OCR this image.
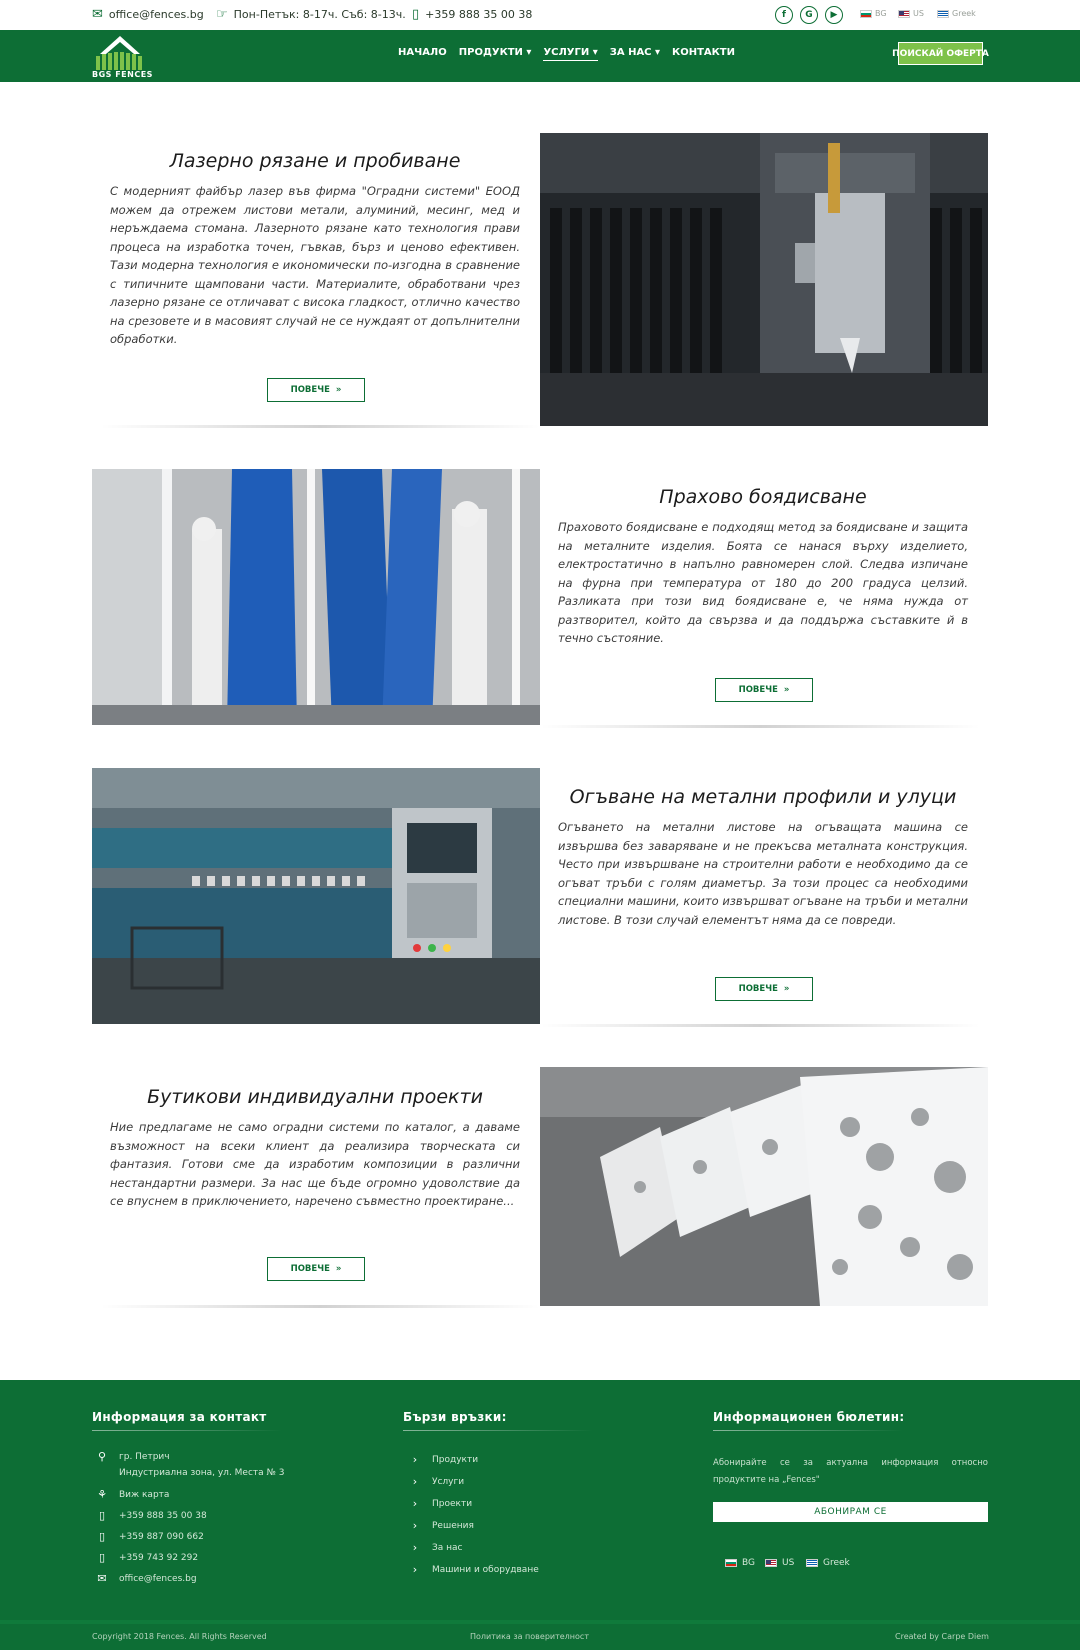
✉ office@fences.bg ☞ Пон-Петък: 8-17ч. Съб: 8-13ч. ▯ +359 888 35 00 38	f	G	▶	BG	US	Greek
BGS FENCES
НАЧАЛО ПРОДУКТИ ▾ УСЛУГИ ▾ ЗА НАС ▾ КОНТАКТИ	ПОИСКАЙ ОФЕРТА
Лазерно рязане и пробиване
С модерният файбър лазер във фирма "Оградни системи" ЕООД можем да отрежем листови метали, алуминий, месинг, мед и неръждаема стомана. Лазерното рязане като технология прави процеса на изработка точен, гъвкав, бърз и ценово ефективен. Тази модерна технология е икономически по-изгодна в сравнение с типичните щамповани части. Материалите, обработвани чрез лазерно рязане се отличават с висока гладкост, отлично качество на срезовете и в масовият случай не се нуждаят от допълнителни обработки.
ПОВЕЧЕ »
Прахово боядисване
Праховото боядисване е подходящ метод за боядисване и защита на металните изделия. Боята се нанася върху изделието, електростатично в напълно равномерен слой. Следва изпичане на фурна при температура от 180 до 200 градуса целзий. Разликата при този вид боядисване е, че няма нужда от разтворител, който да свързва и да поддържа съставките й в течно състояние.
ПОВЕЧЕ »
Огъване на метални профили и улуци
Огъването на метални листове на огъващата машина се извършва без заваряване и не прекъсва металната конструкция. Често при извършване на строителни работи е необходимо да се огъват тръби с голям диаметър. За този процес са необходими специални машини, които извършват огъване на тръби и метални листове. В този случай елементът няма да се повреди.
ПОВЕЧЕ »
Бутикови индивидуални проекти
Ние предлагаме не само оградни системи по каталог, а даваме възможност на всеки клиент да реализира творческата си фантазия. Готови сме да изработим композиции в различни нестандартни размери. За нас ще бъде огромно удоволствие да се впуснем в приключението, наречено съвместно проектиране...
ПОВЕЧЕ »
Информация за контакт
⚲	гр. Петрич
Индустриална зона, ул. Места № 3
⚘ Виж карта
▯	+359 888 35 00 38
▯	+359 887 090 662
▯	+359 743 92 292
✉ office@fences.bg
Бързи връзки:
›	Продукти
›	Услуги
›	Проекти
›	Решения
›	За нас
›	Машини и оборудване
Информационен бюлетин:
Абонирайте се за актуална информация относно продуктите на „Fences"
АБОНИРАМ СЕ
BG	US	Greek
Copyright 2018 Fences. All Rights Reserved	Политика за поверителност	Created by Carpe Diem
